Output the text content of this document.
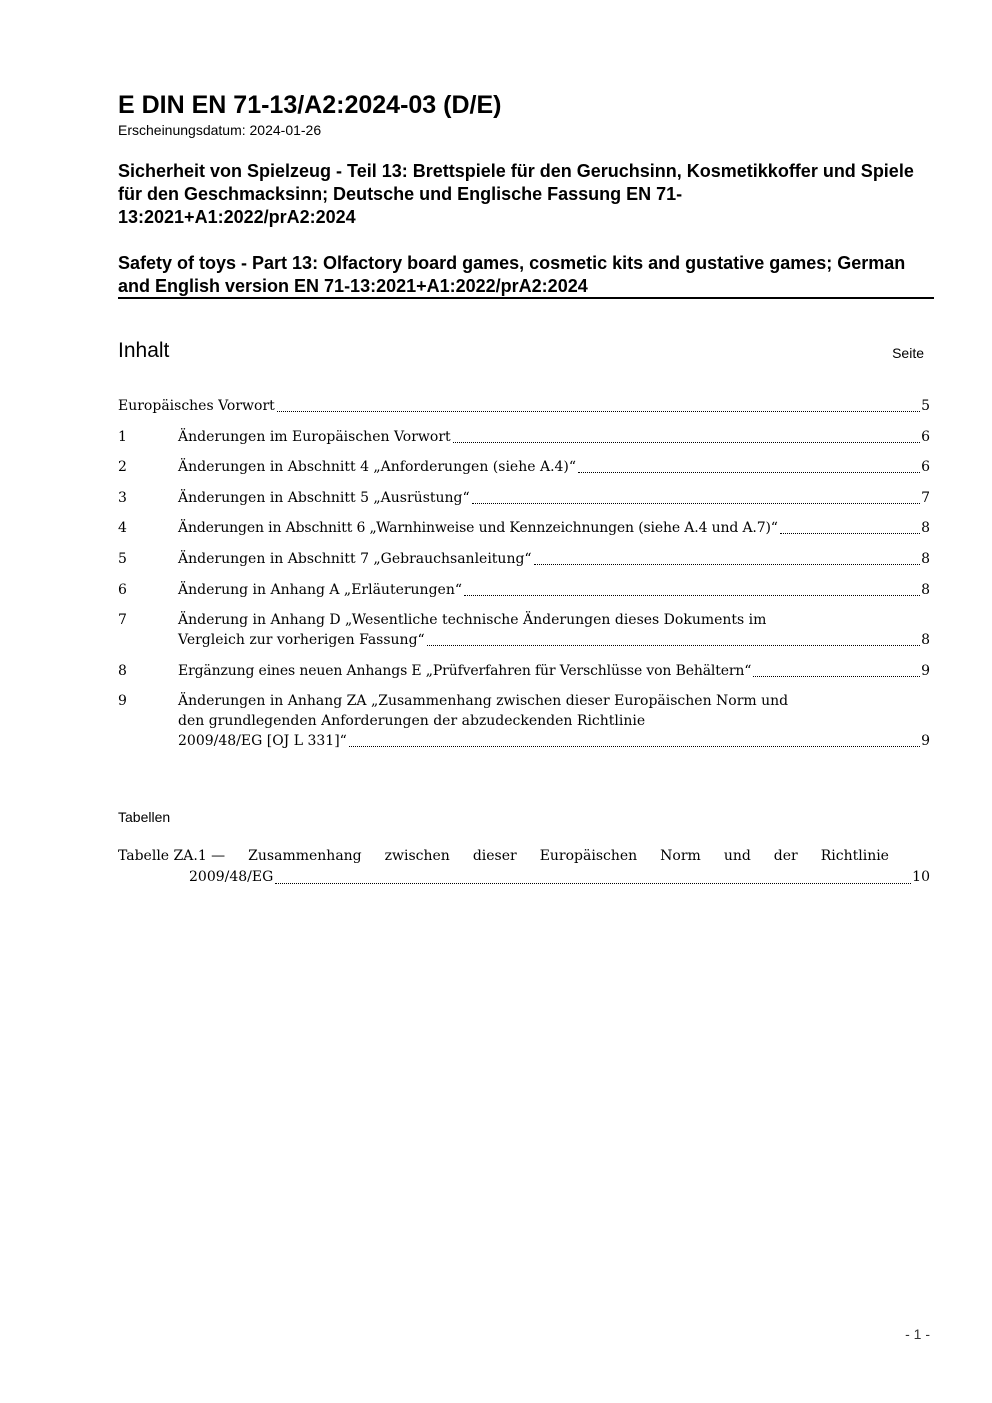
E DIN EN 71-13/A2:2024-03 (D/E)
Erscheinungsdatum: 2024-01-26
Sicherheit von Spielzeug - Teil 13: Brettspiele für den Geruchsinn, Kosmetikkoffer und Spiele für den Geschmacksinn; Deutsche und Englische Fassung EN 71-13:2021+A1:2022/prA2:2024
Safety of toys - Part 13: Olfactory board games, cosmetic kits and gustative games; German and English version EN 71-13:2021+A1:2022/prA2:2024
Inhalt	Seite
Europäisches Vorwort	5
1	Änderungen im Europäischen Vorwort	6
2	Änderungen in Abschnitt 4 „Anforderungen (siehe A.4)“	6
3	Änderungen in Abschnitt 5 „Ausrüstung“	7
4	Änderungen in Abschnitt 6 „Warnhinweise und Kennzeichnungen (siehe A.4 und A.7)“	8
5	Änderungen in Abschnitt 7 „Gebrauchsanleitung“	8
6	Änderung in Anhang A „Erläuterungen“	8
7	Änderung in Anhang D „Wesentliche technische Änderungen dieses Dokuments im
Vergleich zur vorherigen Fassung“	8
8	Ergänzung eines neuen Anhangs E „Prüfverfahren für Verschlüsse von Behältern“	9
9	Änderungen in Anhang ZA „Zusammenhang zwischen dieser Europäischen Norm und
den grundlegenden Anforderungen der abzudeckenden Richtlinie
2009/48/EG [OJ L 331]“	9
Tabellen
Tabelle ZA.1 — Zusammenhang zwischen dieser Europäischen Norm und der Richtlinie
2009/48/EG	10
- 1 -
